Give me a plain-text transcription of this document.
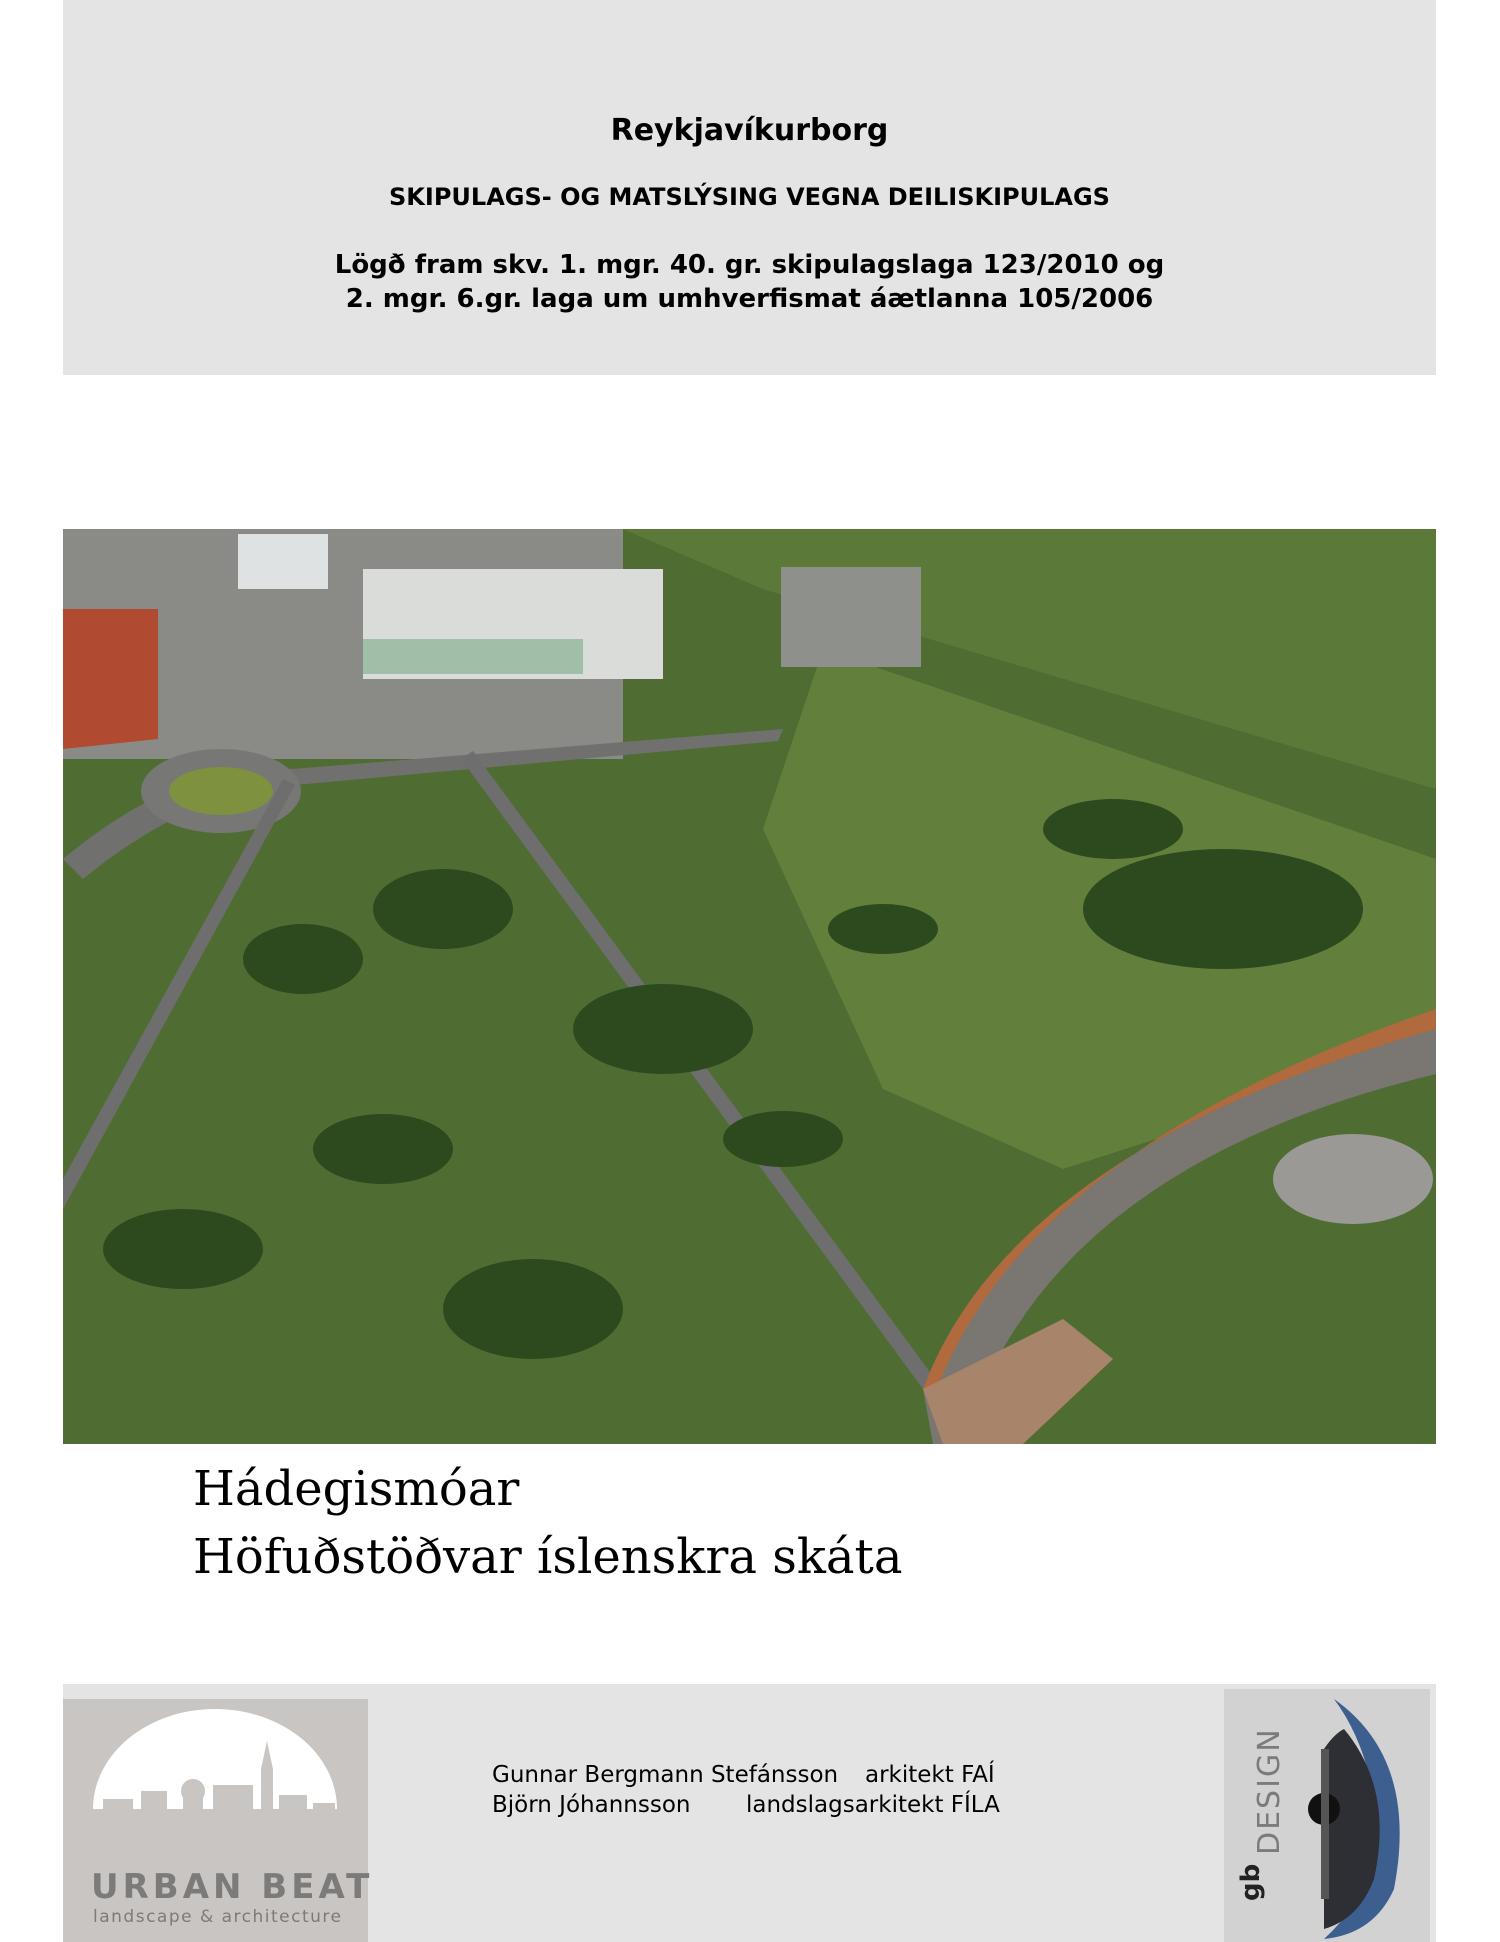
Reykjavíkurborg
SKIPULAGS- OG MATSLÝSING VEGNA DEILISKIPULAGS
Lögð fram skv. 1. mgr. 40. gr. skipulagslaga 123/2010 og
2. mgr. 6.gr. laga um umhverfismat áætlanna 105/2006
Hádegismóar
Höfuðstöðvar íslenskra skáta
URBAN BEAT
landscape & architecture
Gunnar Bergmann Stefánsson	arkitekt FAÍ
Björn Jóhannsson	landslagsarkitekt FÍLA	DESIGN
gb
